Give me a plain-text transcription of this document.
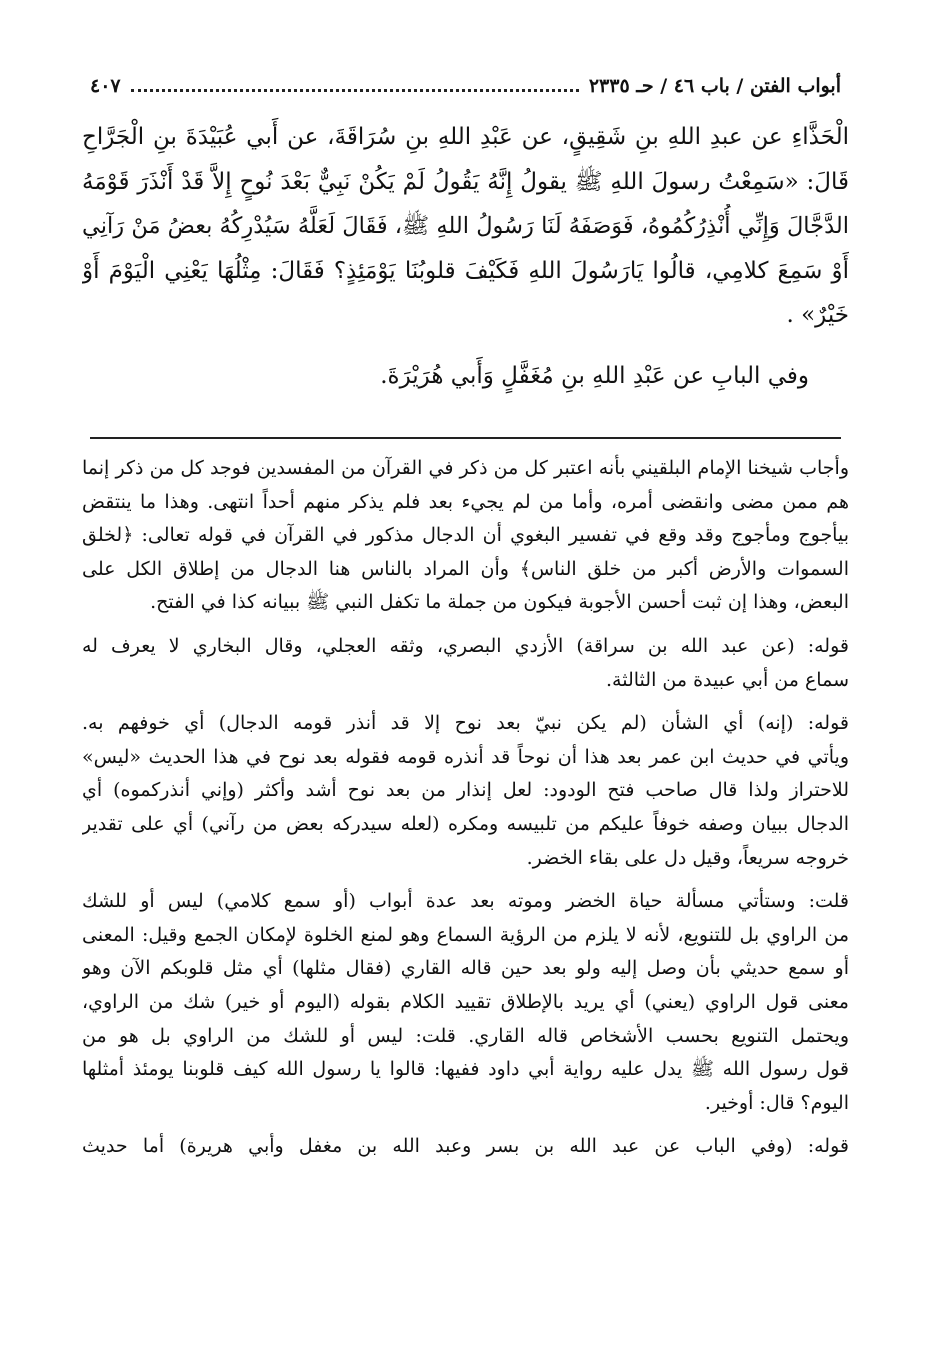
أبواب الفتن / باب ٤٦ / حـ ٢٣٣٥
٤٠٧

الْحَذَّاءِ عن عبدِ اللهِ بنِ شَقِيقٍ، عن عَبْدِ اللهِ بنِ سُرَاقَةَ، عن أَبي عُبَيْدَةَ بنِ الْجَرَّاحِ
قَالَ: «سَمِعْتُ رسولَ اللهِ ﷺ يقولُ إِنَّهُ يَقُولُ لَمْ يَكُنْ نَبِيٌّ بَعْدَ نُوحٍ إِلاَّ قَدْ أَنْذَرَ قَوْمَهُ
الدَّجَّالَ وَإِنِّي أُنْذِرُكُمُوهُ، فَوَصَفَهُ لَنَا رَسُولُ اللهِ ﷺ، فَقَالَ لَعَلَّهُ سَيُدْرِكُهُ بعضُ مَنْ رَآنِي
أَوْ سَمِعَ كلامِي، قالُوا يَارَسُولَ اللهِ فَكَيْفَ قلوبُنَا يَوْمَئِذٍ؟ فَقَالَ: مِثْلُهَا يَعْنِي الْيَوْمَ أَوْ
خَيْرٌ» .

وفي البابِ عن عَبْدِ اللهِ بنِ مُغَفَّلٍ وَأَبي هُرَيْرَةَ.

وأجاب شيخنا الإمام البلقيني بأنه اعتبر كل من ذكر في القرآن من المفسدين فوجد كل من ذكر إنما
هم ممن مضى وانقضى أمره، وأما من لم يجيء بعد فلم يذكر منهم أحداً انتهى. وهذا ما ينتقض
بيأجوج ومأجوج وقد وقع في تفسير البغوي أن الدجال مذكور في القرآن في قوله تعالى: ﴿لخلق
السموات والأرض أكبر من خلق الناس﴾ وأن المراد بالناس هنا الدجال من إطلاق الكل على
البعض، وهذا إن ثبت أحسن الأجوبة فيكون من جملة ما تكفل النبي ﷺ ببيانه كذا في الفتح.
قوله: (عن عبد الله بن سراقة) الأزدي البصري، وثقه العجلي، وقال البخاري لا يعرف له
سماع من أبي عبيدة من الثالثة.
قوله: (إنه) أي الشأن (لم يكن نبيّ بعد نوح إلا قد أنذر قومه الدجال) أي خوفهم به.
ويأتي في حديث ابن عمر بعد هذا أن نوحاً قد أنذره قومه فقوله بعد نوح في هذا الحديث «ليس»
للاحتراز ولذا قال صاحب فتح الودود: لعل إنذار من بعد نوح أشد وأكثر (وإني أنذركموه) أي
الدجال ببيان وصفه خوفاً عليكم من تلبيسه ومكره (لعله سيدركه بعض من رآني) أي على تقدير
خروجه سريعاً، وقيل دل على بقاء الخضر.
قلت: وستأتي مسألة حياة الخضر وموته بعد عدة أبواب (أو سمع كلامي) ليس أو للشك
من الراوي بل للتنويع، لأنه لا يلزم من الرؤية السماع وهو لمنع الخلوة لإمكان الجمع وقيل: المعنى
أو سمع حديثي بأن وصل إليه ولو بعد حين قاله القاري (فقال مثلها) أي مثل قلوبكم الآن وهو
معنى قول الراوي (يعني) أي يريد بالإطلاق تقييد الكلام بقوله (اليوم أو خير) شك من الراوي،
ويحتمل التنويع بحسب الأشخاص قاله القاري. قلت: ليس أو للشك من الراوي بل هو من
قول رسول الله ﷺ يدل عليه رواية أبي داود ففيها: قالوا يا رسول الله كيف قلوبنا يومئذ أمثلها
اليوم؟ قال: أوخير.
قوله: (وفي الباب عن عبد الله بن بسر وعبد الله بن مغفل وأبي هريرة) أما حديث
